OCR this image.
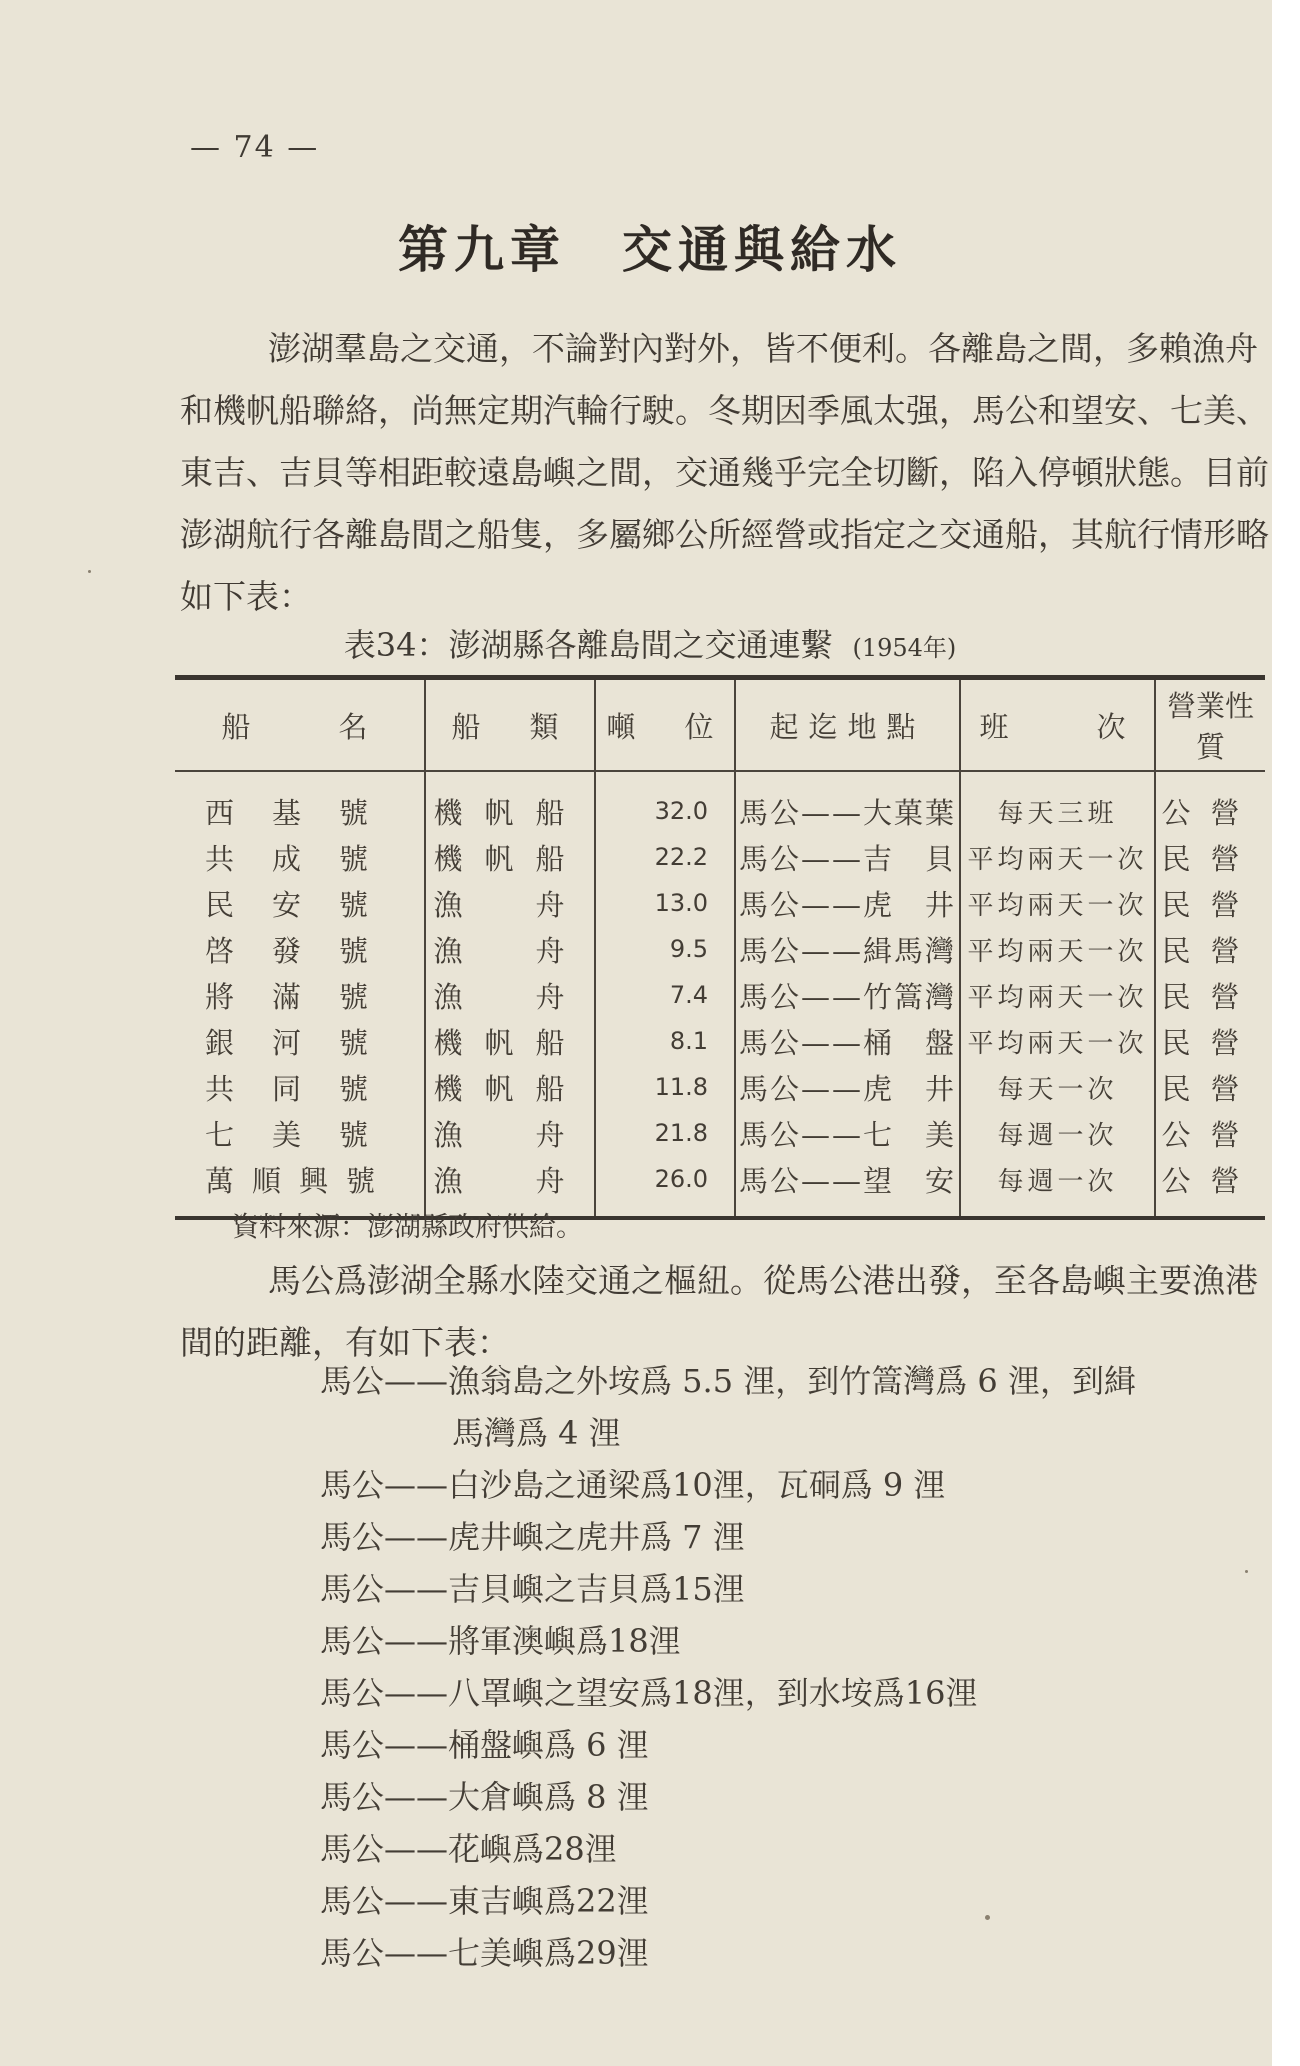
— 74 —
第九章　交通與給水

澎湖羣島之交通，不論對內對外，皆不便利。各離島之間，多賴漁舟和機帆船聯絡，尚無定期汽輪行駛。冬期因季風太强，馬公和望安、七美、東吉、吉貝等相距較遠島嶼之間，交通幾乎完全切斷，陷入停頓狀態。目前澎湖航行各離島間之船隻，多屬鄉公所經營或指定之交通船，其航行情形略如下表：

表34：澎湖縣各離島間之交通連繫 (1954年)
船　　名	船　類	噸　位	起迄地點	班　　次	營業性質
西基號	機帆船	32.0	馬公——大菓葉	每天三班	公營
共成號	機帆船	22.2	馬公——吉　貝	平均兩天一次	民營
民安號	漁　舟	13.0	馬公——虎　井	平均兩天一次	民營
啓發號	漁　舟	9.5	馬公——緝馬灣	平均兩天一次	民營
將滿號	漁　舟	7.4	馬公——竹篙灣	平均兩天一次	民營
銀河號	機帆船	8.1	馬公——桶　盤	平均兩天一次	民營
共同號	機帆船	11.8	馬公——虎　井	每天一次	民營
七美號	漁　舟	21.8	馬公——七　美	每週一次	公營
萬順興號	漁　舟	26.0	馬公——望　安	每週一次	公營
資料來源：澎湖縣政府供給。

馬公爲澎湖全縣水陸交通之樞紐。從馬公港出發，至各島嶼主要漁港間的距離，有如下表：

馬公——漁翁島之外垵爲 5.5 浬，到竹篙灣爲 6 浬，到緝
馬灣爲 4 浬
馬公——白沙島之通梁爲10浬，瓦硐爲 9 浬
馬公——虎井嶼之虎井爲 7 浬
馬公——吉貝嶼之吉貝爲15浬
馬公——將軍澳嶼爲18浬
馬公——八罩嶼之望安爲18浬，到水垵爲16浬
馬公——桶盤嶼爲 6 浬
馬公——大倉嶼爲 8 浬
馬公——花嶼爲28浬
馬公——東吉嶼爲22浬
馬公——七美嶼爲29浬
